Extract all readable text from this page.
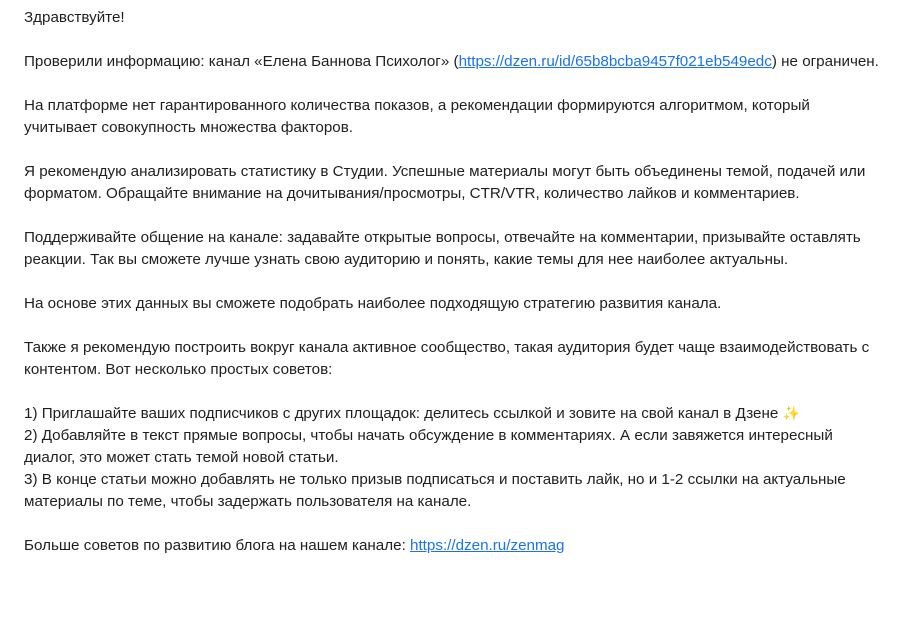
Здравствуйте!

Проверили информацию: канал «Елена Баннова Психолог» (https://dzen.ru/id/65b8bcba9457f021eb549edc) не ограничен.

На платформе нет гарантированного количества показов, а рекомендации формируются алгоритмом, который учитывает совокупность множества факторов.

Я рекомендую анализировать статистику в Студии. Успешные материалы могут быть объединены темой, подачей или форматом. Обращайте внимание на дочитывания/просмотры, CTR/VTR, количество лайков и комментариев.

Поддерживайте общение на канале: задавайте открытые вопросы, отвечайте на комментарии, призывайте оставлять реакции. Так вы сможете лучше узнать свою аудиторию и понять, какие темы для нее наиболее актуальны.

На основе этих данных вы сможете подобрать наиболее подходящую стратегию развития канала.

Также я рекомендую построить вокруг канала активное сообщество, такая аудитория будет чаще взаимодействовать с контентом. Вот несколько простых советов:

1) Приглашайте ваших подписчиков с других площадок: делитесь ссылкой и зовите на свой канал в Дзене ✨
2) Добавляйте в текст прямые вопросы, чтобы начать обсуждение в комментариях. А если завяжется интересный диалог, это может стать темой новой статьи.
3) В конце статьи можно добавлять не только призыв подписаться и поставить лайк, но и 1-2 ссылки на актуальные материалы по теме, чтобы задержать пользователя на канале.

Больше советов по развитию блога на нашем канале: https://dzen.ru/zenmag
